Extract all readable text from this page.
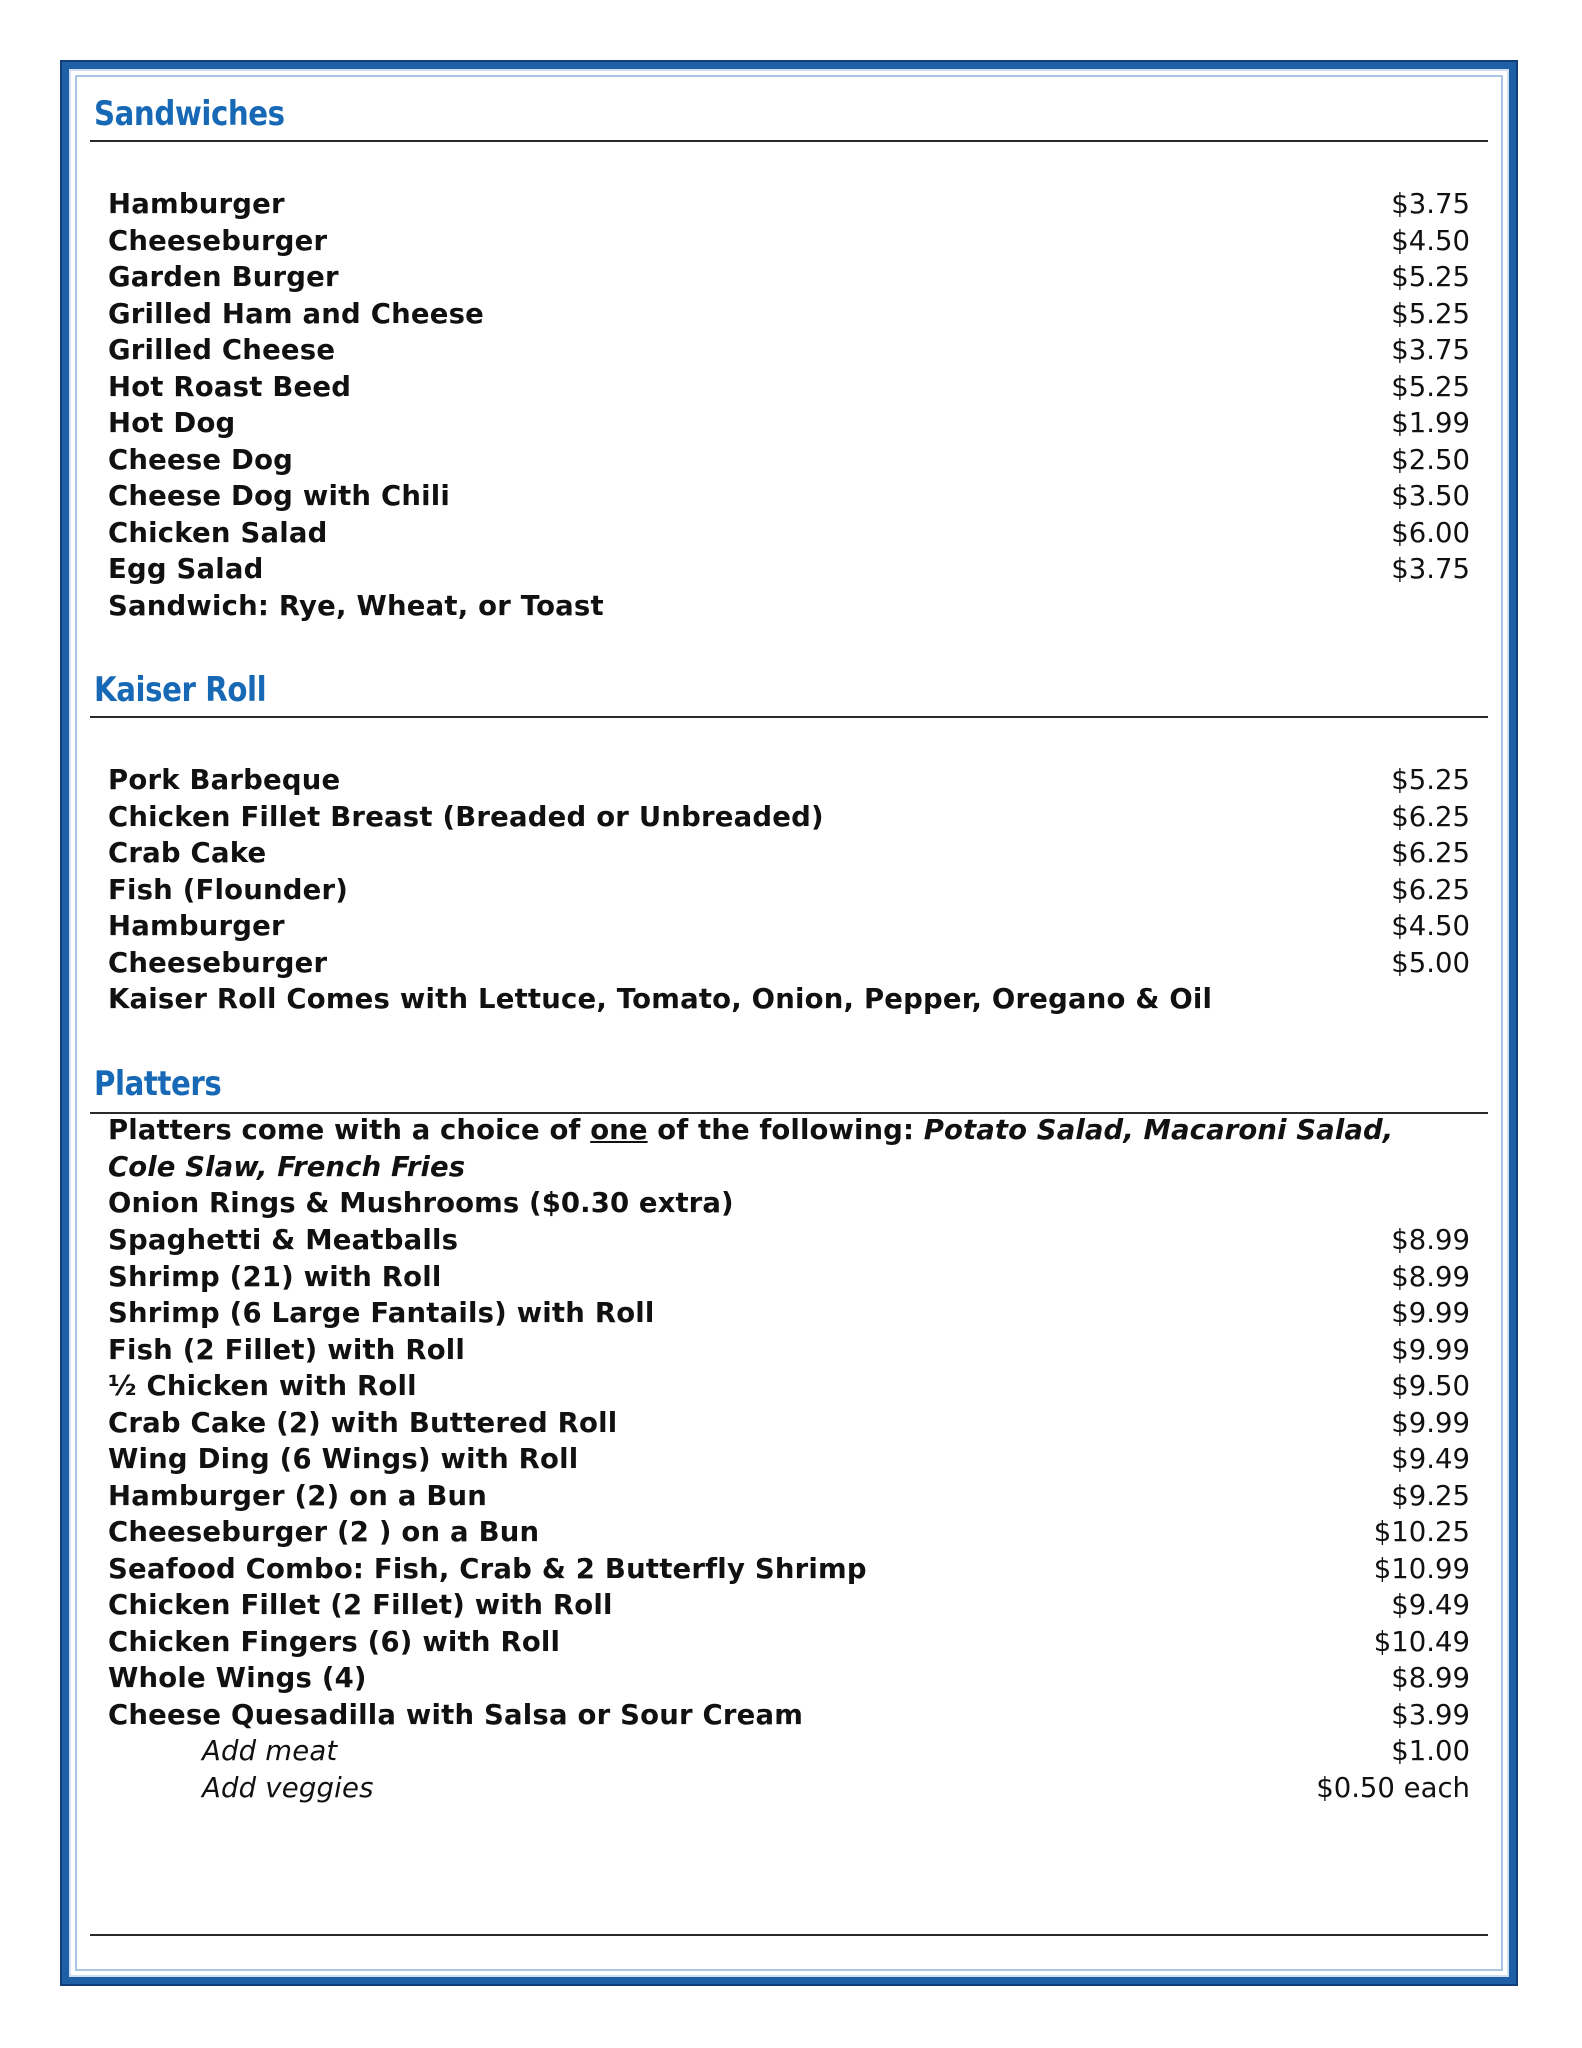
Sandwiches
Hamburger	$3.75
Cheeseburger	$4.50
Garden Burger	$5.25
Grilled Ham and Cheese	$5.25
Grilled Cheese	$3.75
Hot Roast Beed	$5.25
Hot Dog	$1.99
Cheese Dog	$2.50
Cheese Dog with Chili	$3.50
Chicken Salad	$6.00
Egg Salad	$3.75
Sandwich: Rye, Wheat, or Toast
Kaiser Roll
Pork Barbeque	$5.25
Chicken Fillet Breast (Breaded or Unbreaded)	$6.25
Crab Cake	$6.25
Fish (Flounder)	$6.25
Hamburger	$4.50
Cheeseburger	$5.00
Kaiser Roll Comes with Lettuce, Tomato, Onion, Pepper, Oregano & Oil
Platters
Platters come with a choice of one of the following: Potato Salad, Macaroni Salad, Cole Slaw, French Fries
Onion Rings & Mushrooms ($0.30 extra)
Spaghetti & Meatballs	$8.99
Shrimp (21) with Roll	$8.99
Shrimp (6 Large Fantails) with Roll	$9.99
Fish (2 Fillet) with Roll	$9.99
½ Chicken with Roll	$9.50
Crab Cake (2) with Buttered Roll	$9.99
Wing Ding (6 Wings) with Roll	$9.49
Hamburger (2) on a Bun	$9.25
Cheeseburger (2 ) on a Bun	$10.25
Seafood Combo: Fish, Crab & 2 Butterfly Shrimp	$10.99
Chicken Fillet (2 Fillet) with Roll	$9.49
Chicken Fingers (6) with Roll	$10.49
Whole Wings (4)	$8.99
Cheese Quesadilla with Salsa or Sour Cream	$3.99
Add meat	$1.00
Add veggies	$0.50 each
